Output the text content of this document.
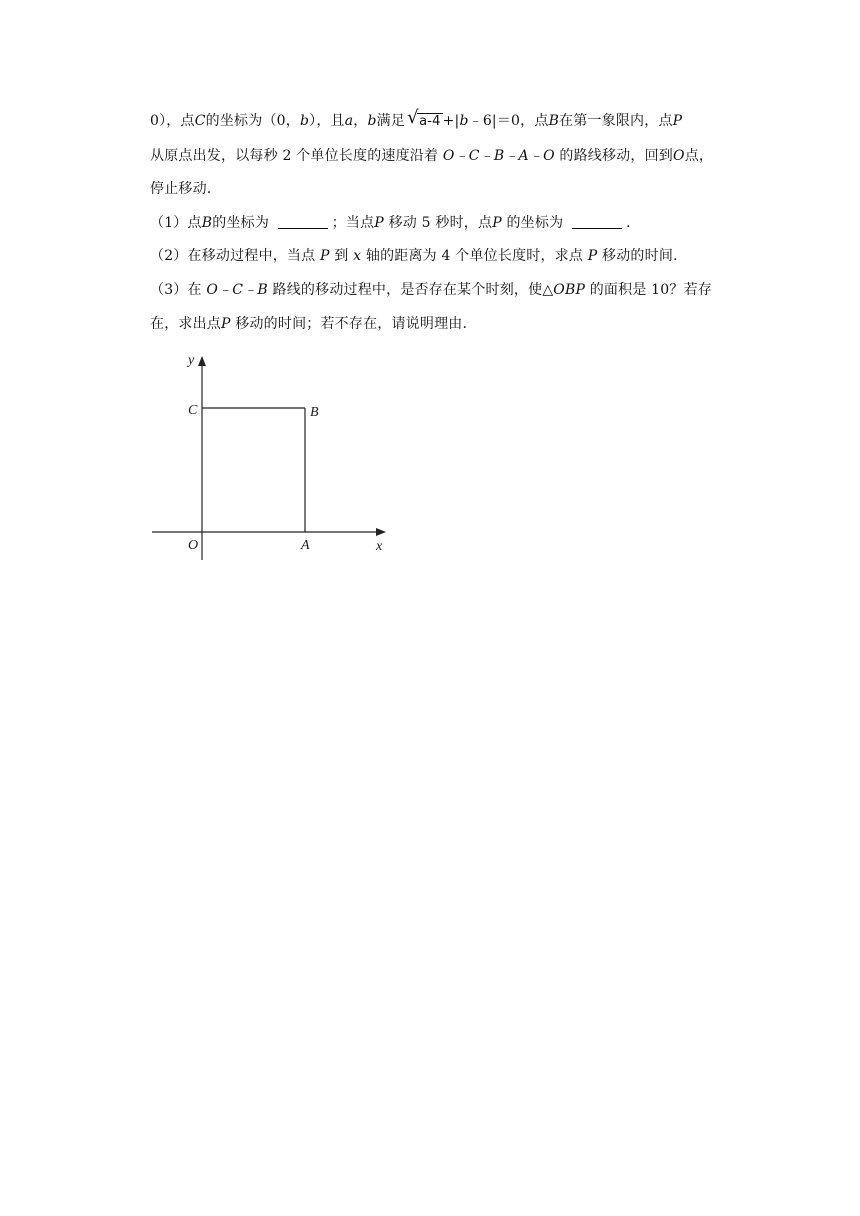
0），点C的坐标为（0，b），且a，b满足 √ a-4 +|b﹣6|＝0，点B在第一象限内，点P
从原点出发，以每秒 2 个单位长度的速度沿着 O﹣C﹣B﹣A﹣O 的路线移动，回到O点，
停止移动.
（1）点B的坐标为	；当点P 移动 5 秒时，点P 的坐标为	.
（2）在移动过程中，当点 P 到 x 轴的距离为 4 个单位长度时，求点 P 移动的时间.
（3）在 O﹣C﹣B 路线的移动过程中，是否存在某个时刻，使△OBP 的面积是 10？若存
在，求出点P 移动的时间；若不存在，请说明理由.
y
x
O	A
B
C
